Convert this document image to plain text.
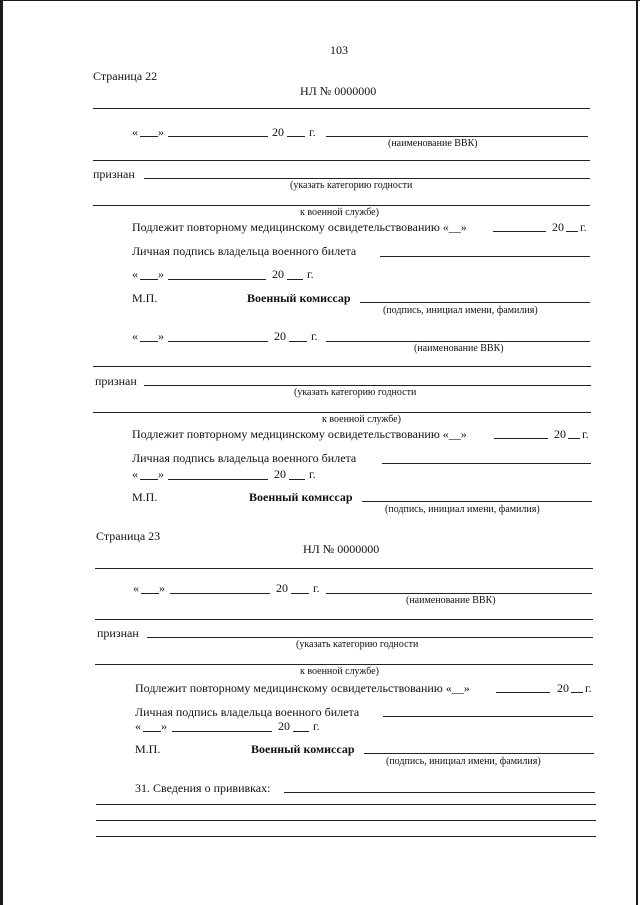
103
Страница 22
НЛ № 0000000
« »	20 г.
(наименование ВВК)
признан
(указать категорию годности
к военной службе)
Подлежит повторному медицинскому освидетельствованию «__»	20 г.
Личная подпись владельца военного билета
« »	20 г.
М.П.	Военный комиссар
(подпись, инициал имени, фамилия)
« »	20 г.
(наименование ВВК)
признан
(указать категорию годности
к военной службе)
Подлежит повторному медицинскому освидетельствованию «__»	20 г.
Личная подпись владельца военного билета
« »	20 г.
М.П.	Военный комиссар
(подпись, инициал имени, фамилия)
Страница 23
НЛ № 0000000
« »	20 г.
(наименование ВВК)
признан
(указать категорию годности
к военной службе)
Подлежит повторному медицинскому освидетельствованию «__»	20 г.
Личная подпись владельца военного билета
« »	20 г.
М.П.	Военный комиссар
(подпись, инициал имени, фамилия)
31. Сведения о прививках:
